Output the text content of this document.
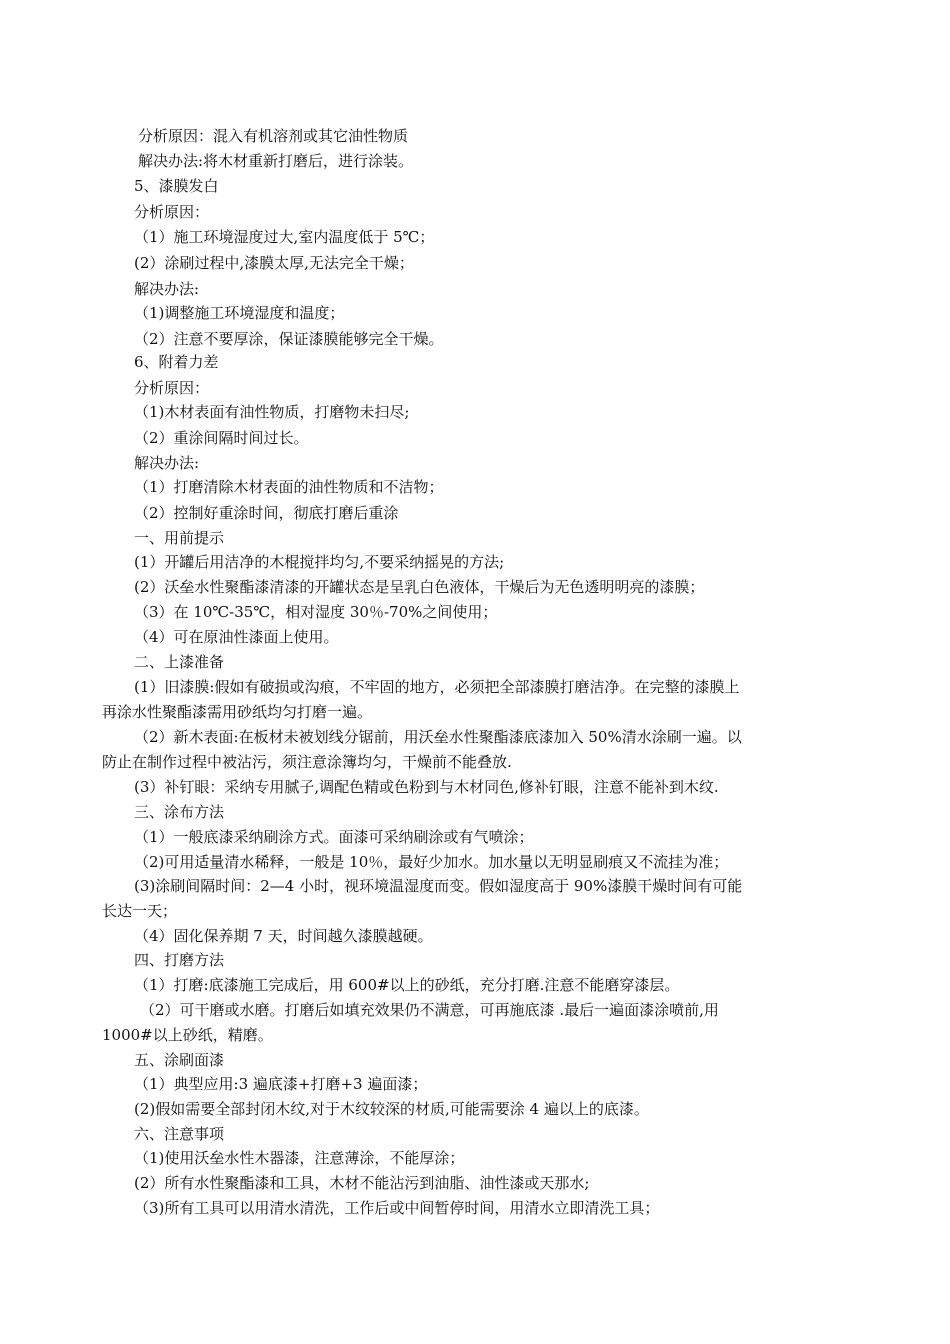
分析原因：混入有机溶剂或其它油性物质
解决办法:将木材重新打磨后，进行涂装。
5、漆膜发白
分析原因：
（1）施工环境湿度过大,室内温度低于 5℃；
(2）涂刷过程中,漆膜太厚,无法完全干燥；
解决办法:
（1)调整施工环境湿度和温度；
（2）注意不要厚涂，保证漆膜能够完全干燥。
6、附着力差
分析原因：
（1)木材表面有油性物质，打磨物未扫尽;
（2）重涂间隔时间过长。
解决办法:
（1）打磨清除木材表面的油性物质和不洁物；
（2）控制好重涂时间，彻底打磨后重涂
一、用前提示
(1）开罐后用洁净的木棍搅拌均匀,不要采纳摇晃的方法;
(2）沃垒水性聚酯漆清漆的开罐状态是呈乳白色液体，干燥后为无色透明明亮的漆膜；
（3）在 10℃-35℃，相对湿度 30％-70%之间使用；
（4）可在原油性漆面上使用。
二、上漆准备
(1）旧漆膜:假如有破损或沟痕，不牢固的地方，必须把全部漆膜打磨洁净。在完整的漆膜上
再涂水性聚酯漆需用砂纸均匀打磨一遍。
（2）新木表面:在板材未被划线分锯前，用沃垒水性聚酯漆底漆加入 50%清水涂刷一遍。以
防止在制作过程中被沾污，须注意涂簿均匀，干燥前不能叠放.
(3）补钉眼：采纳专用腻子,调配色精或色粉到与木材同色,修补钉眼，注意不能补到木纹.
三、涂布方法
（1）一般底漆采纳刷涂方式。面漆可采纳刷涂或有气喷涂；
（2)可用适量清水稀释，一般是 10％，最好少加水。加水量以无明显刷痕又不流挂为准；
(3)涂刷间隔时间：2—4 小时，视环境温湿度而变。假如湿度高于 90%漆膜干燥时间有可能
长达一天；
（4）固化保养期 7 天，时间越久漆膜越硬。
四、打磨方法
（1）打磨:底漆施工完成后，用 600#以上的砂纸，充分打磨.注意不能磨穿漆层。
（2）可干磨或水磨。打磨后如填充效果仍不满意，可再施底漆 .最后一遍面漆涂喷前,用
1000#以上砂纸，精磨。
五、涂刷面漆
（1）典型应用:3 遍底漆+打磨+3 遍面漆；
(2)假如需要全部封闭木纹,对于木纹较深的材质,可能需要涂 4 遍以上的底漆。
六、注意事项
（1)使用沃垒水性木器漆，注意薄涂，不能厚涂；
(2）所有水性聚酯漆和工具，木材不能沾污到油脂、油性漆或天那水;
（3)所有工具可以用清水清洗，工作后或中间暂停时间，用清水立即清洗工具；
